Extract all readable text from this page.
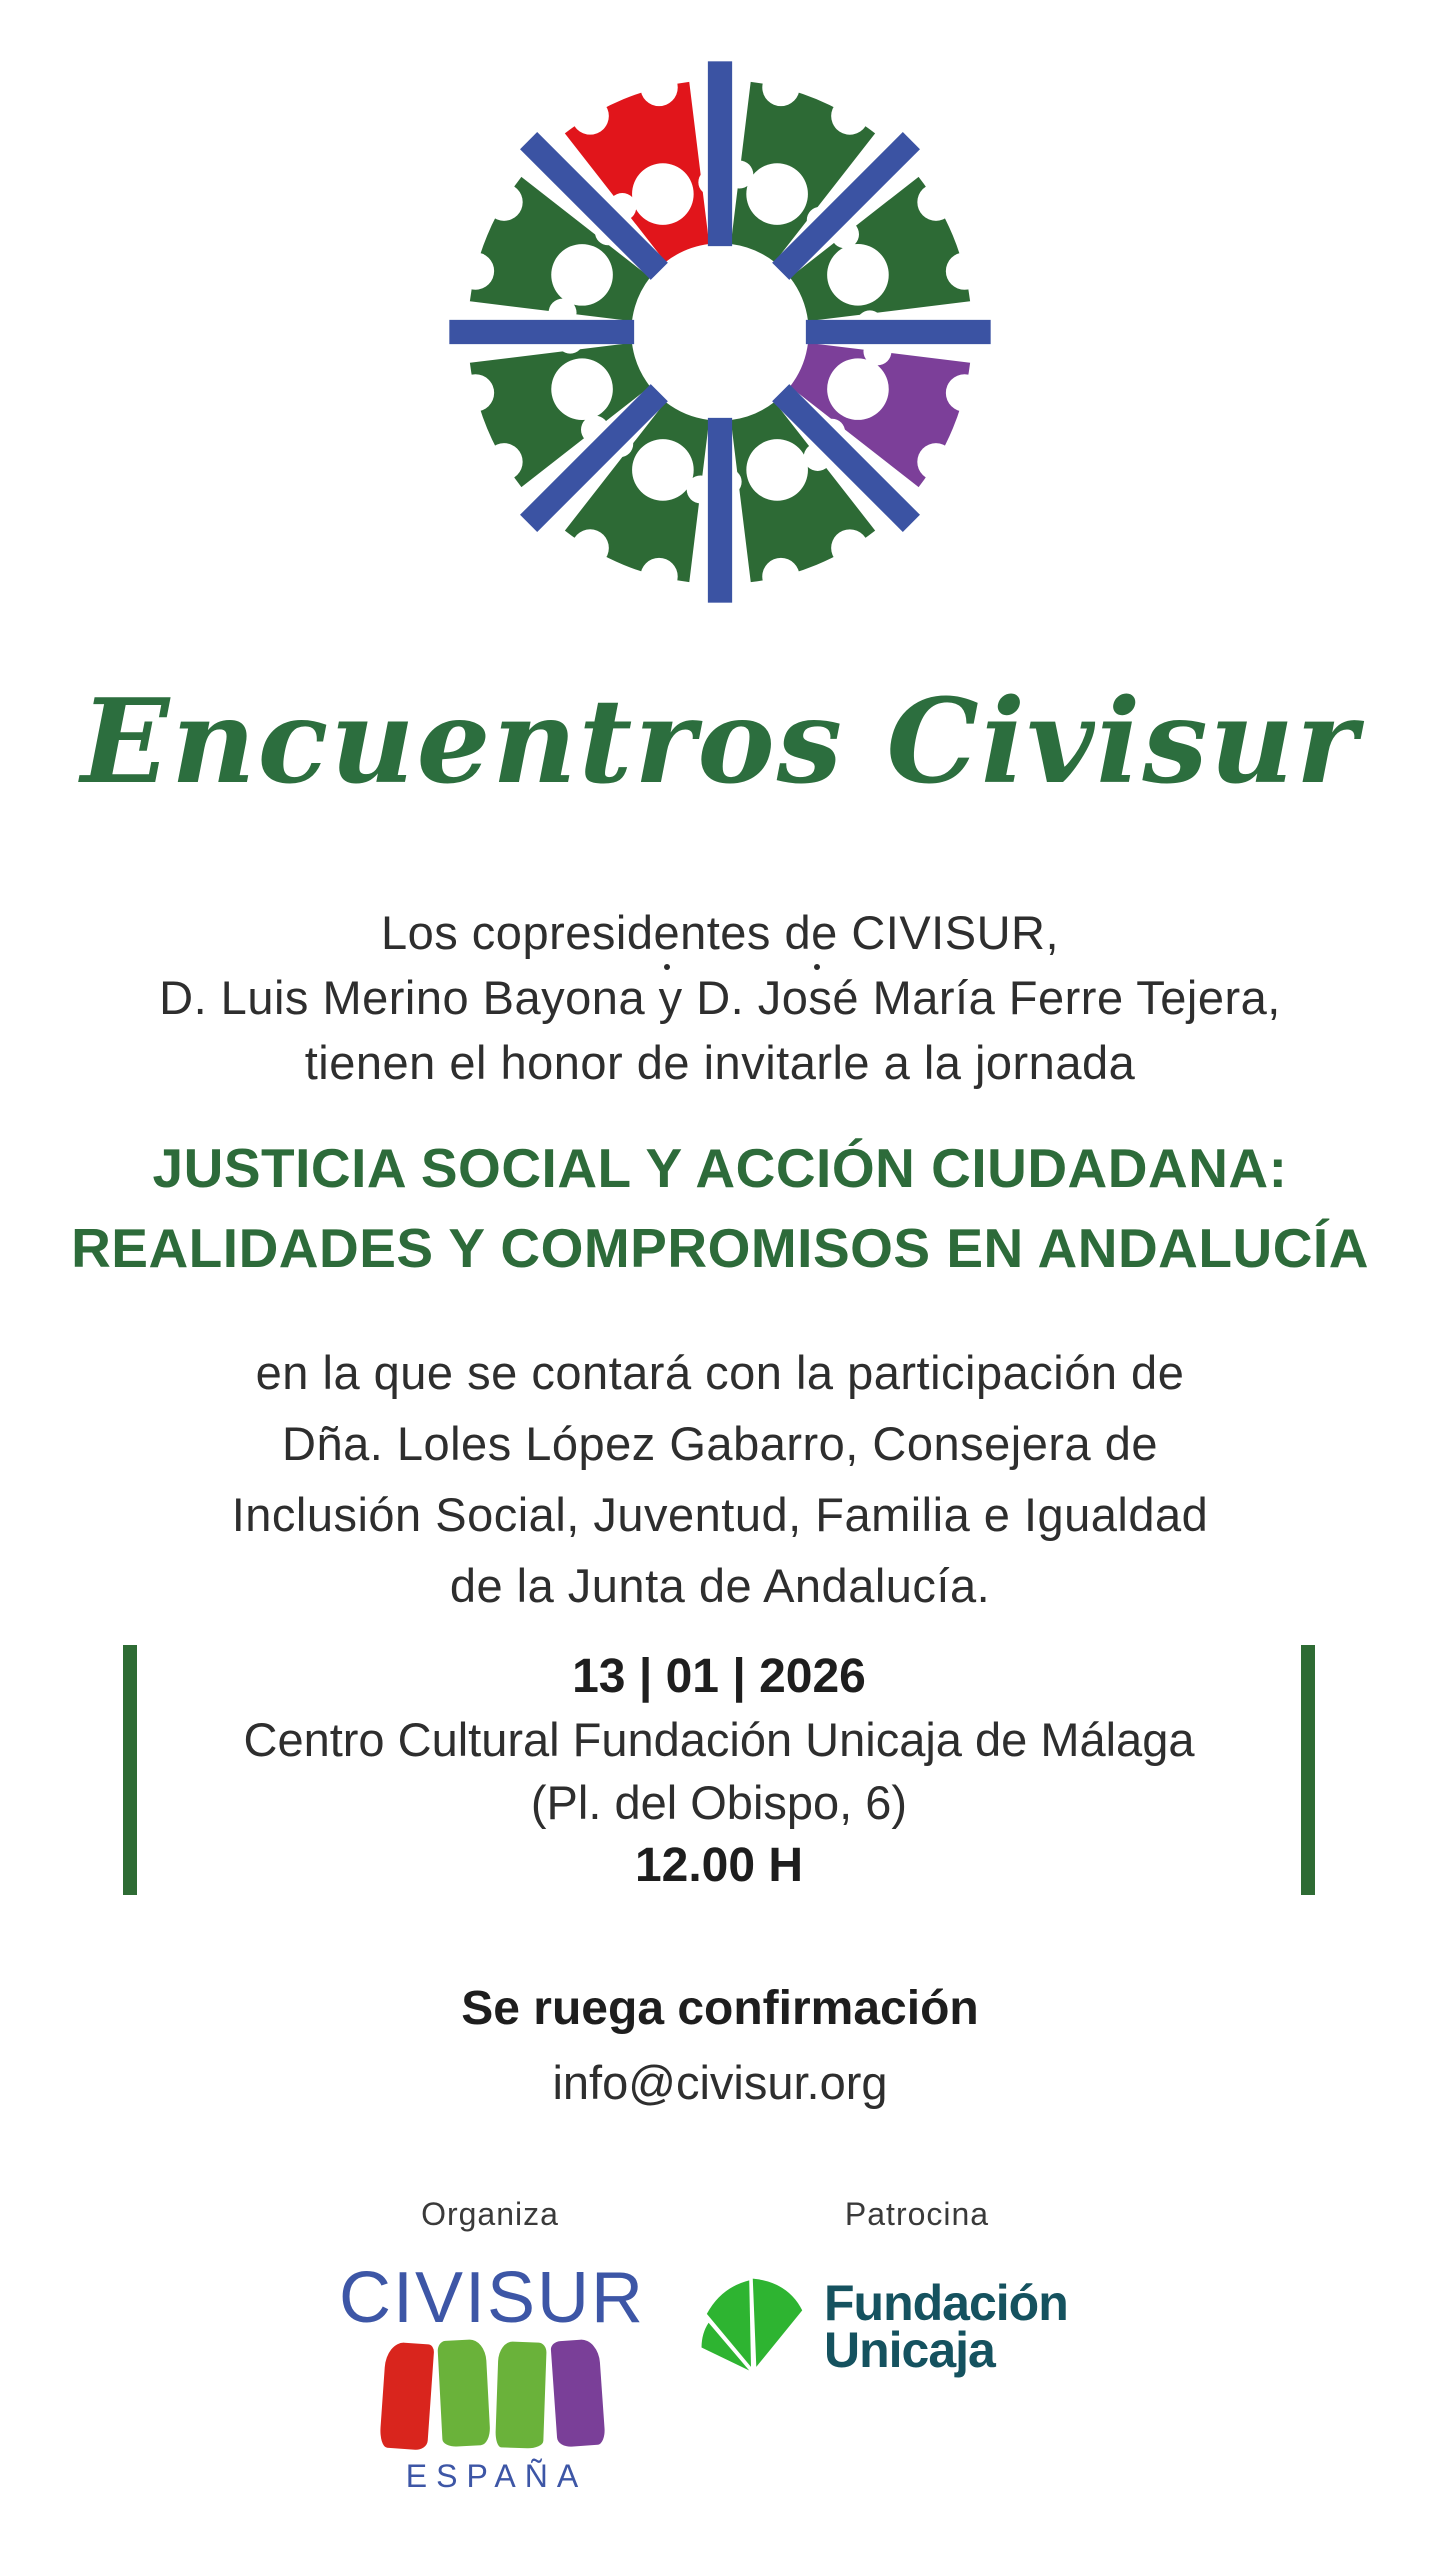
Encuentros Civisur
Los copresidentes de CIVISUR,
D. Luis Merino Bayona y D. José María Ferre Tejera,
tienen el honor de invitarle a la jornada
JUSTICIA SOCIAL Y ACCIÓN CIUDADANA:
REALIDADES Y COMPROMISOS EN ANDALUCÍA
en la que se contará con la participación de
Dña. Loles López Gabarro, Consejera de
Inclusión Social, Juventud, Familia e Igualdad
de la Junta de Andalucía.
13 | 01 | 2026
Centro Cultural Fundación Unicaja de Málaga
(Pl. del Obispo, 6)
12.00 H
Se ruega confirmación
info@civisur.org
Organiza	Patrocina
CIVISUR
ESPAÑA
Fundación
Unicaja
